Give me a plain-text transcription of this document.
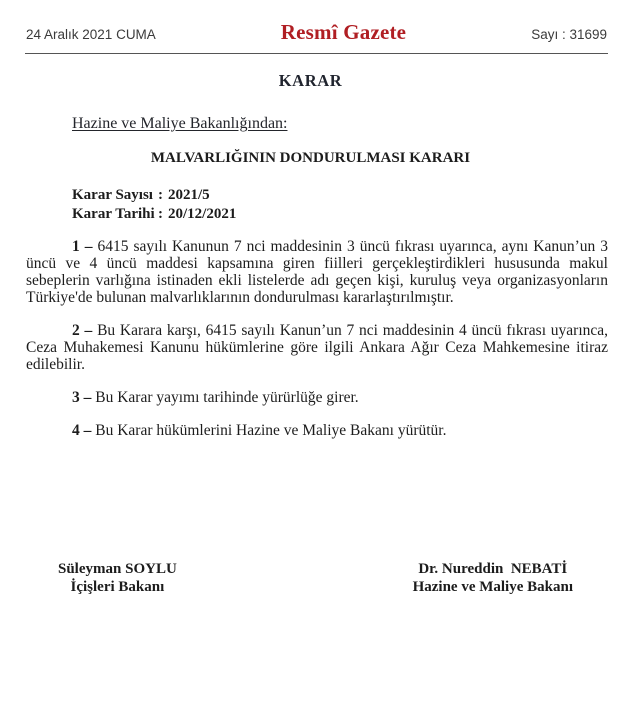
24 Aralık 2021 CUMA	Resmî Gazete	Sayı : 31699
KARAR
Hazine ve Maliye Bakanlığından:
MALVARLIĞININ DONDURULMASI KARARI
Karar Sayısı : 2021/5
Karar Tarihi : 20/12/2021

1 – 6415 sayılı Kanunun 7 nci maddesinin 3 üncü fıkrası uyarınca, aynı Kanun’un 3 üncü ve 4 üncü maddesi kapsamına giren fiilleri gerçekleştirdikleri hususunda makul sebeplerin varlığına istinaden ekli listelerde adı geçen kişi, kuruluş veya organizasyonların Türkiye'de bulunan malvarlıklarının dondurulması kararlaştırılmıştır.

2 – Bu Karara karşı, 6415 sayılı Kanun’un 7 nci maddesinin 4 üncü fıkrası uyarınca, Ceza Muhakemesi Kanunu hükümlerine göre ilgili Ankara Ağır Ceza Mahkemesine itiraz edilebilir.

3 – Bu Karar yayımı tarihinde yürürlüğe girer.

4 – Bu Karar hükümlerini Hazine ve Maliye Bakanı yürütür.

Süleyman SOYLU
İçişleri Bakanı
Dr. Nureddin  NEBATİ
Hazine ve Maliye Bakanı
